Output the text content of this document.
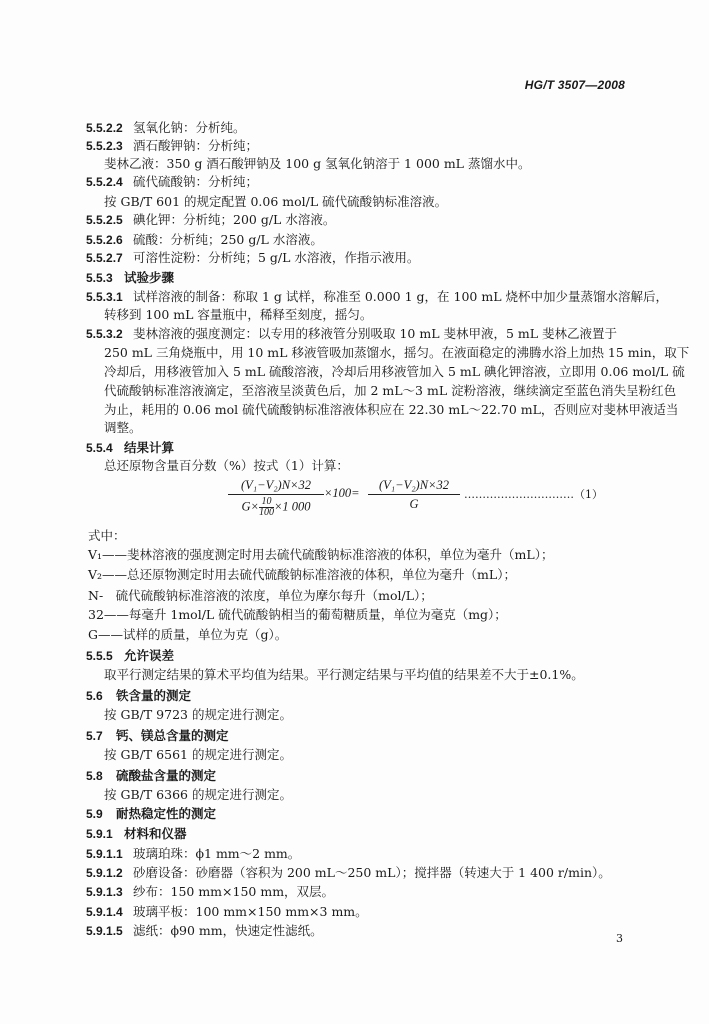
HG/T 3507—2008
5.5.2.2 氢氧化钠：分析纯。
5.5.2.3 酒石酸钾钠：分析纯；
斐林乙液：350 g 酒石酸钾钠及 100 g 氢氧化钠溶于 1 000 mL 蒸馏水中。
5.5.2.4 硫代硫酸钠：分析纯；
按 GB/T 601 的规定配置 0.06 mol/L 硫代硫酸钠标准溶液。
5.5.2.5 碘化钾：分析纯；200 g/L 水溶液。
5.5.2.6 硫酸：分析纯；250 g/L 水溶液。
5.5.2.7 可溶性淀粉：分析纯；5 g/L 水溶液，作指示液用。
5.5.3 试验步骤
5.5.3.1 试样溶液的制备：称取 1 g 试样，称准至 0.000 1 g，在 100 mL 烧杯中加少量蒸馏水溶解后，
转移到 100 mL 容量瓶中，稀释至刻度，摇匀。
5.5.3.2 斐林溶液的强度测定：以专用的移液管分别吸取 10 mL 斐林甲液，5 mL 斐林乙液置于
250 mL 三角烧瓶中，用 10 mL 移液管吸加蒸馏水，摇匀。在液面稳定的沸腾水浴上加热 15 min，取下
冷却后，用移液管加入 5 mL 硫酸溶液，冷却后用移液管加入 5 mL 碘化钾溶液，立即用 0.06 mol/L 硫
代硫酸钠标准溶液滴定，至溶液呈淡黄色后，加 2 mL～3 mL 淀粉溶液，继续滴定至蓝色消失呈粉红色
为止，耗用的 0.06 mol 硫代硫酸钠标准溶液体积应在 22.30 mL～22.70 mL，否则应对斐林甲液适当
调整。
5.5.4 结果计算
总还原物含量百分数（%）按式（1）计算：
式中：
V₁——斐林溶液的强度测定时用去硫代硫酸钠标准溶液的体积，单位为毫升（mL）；
V₂——总还原物测定时用去硫代硫酸钠标准溶液的体积，单位为毫升（mL）；
N-　硫代硫酸钠标准溶液的浓度，单位为摩尔每升（mol/L）；
32——每毫升 1mol/L 硫代硫酸钠相当的葡萄糖质量，单位为毫克（mg）；
G——试样的质量，单位为克（g）。
5.5.5 允许误差
取平行测定结果的算术平均值为结果。平行测定结果与平均值的结果差不大于±0.1%。
5.6 铁含量的测定
按 GB/T 9723 的规定进行测定。
5.7 钙、镁总含量的测定
按 GB/T 6561 的规定进行测定。
5.8 硫酸盐含量的测定
按 GB/T 6366 的规定进行测定。
5.9 耐热稳定性的测定
5.9.1 材料和仪器
5.9.1.1 玻璃珀珠：ϕ1 mm～2 mm。
5.9.1.2 砂磨设备：砂磨器（容积为 200 mL～250 mL）；搅拌器（转速大于 1 400 r/min）。
5.9.1.3 纱布：150 mm×150 mm，双层。
5.9.1.4 玻璃平板：100 mm×150 mm×3 mm。
5.9.1.5 滤纸：ϕ90 mm，快速定性滤纸。
$\frac{\text{(V₁−V₂)N×32}}{G\times \frac{10}{100} \times 1 000} \times 100= \frac{\text{(V₁−V₂)N×32}}{G}$ …………………………（1）
3
